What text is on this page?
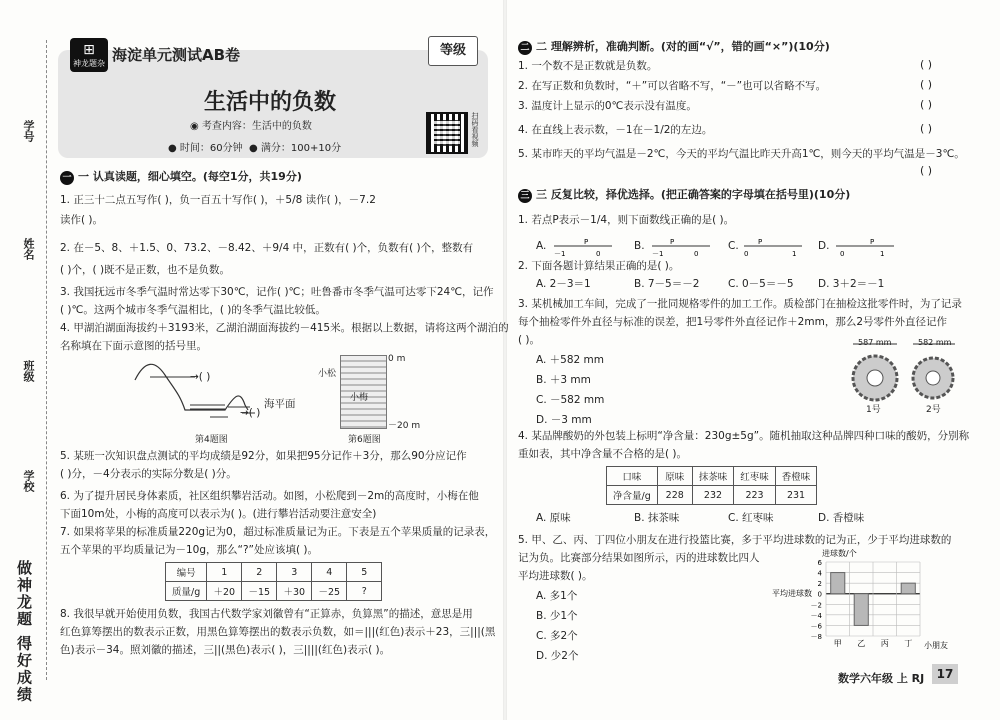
学号
姓名
班级
学校
做神龙题 得好成绩
⊞
神龙题杂 海淀单元测试AB卷	等级
生活中的负数
◉ 考查内容：生活中的负数
● 时间：60分钟 ● 满分：100+10分
扫码看视频
一 一 认真读题，细心填空。(每空1分，共19分)
1. 正三十二点五写作( )，负一百五十写作( )，＋5/8 读作( )，－7.2
读作( )。
2. 在－5、8、＋1.5、0、73.2、－8.42、＋9/4 中，正数有( )个，负数有( )个，整数有
( )个，( )既不是正数，也不是负数。
3. 我国抚远市冬季气温时常达零下30℃，记作( )℃；吐鲁番市冬季气温可达零下24℃，记作
( )℃。这两个城市冬季气温相比，( )的冬季气温比较低。
4. 甲湖泊湖面海拔约＋3193米，乙湖泊湖面海拔约－415米。根据以上数据，请将这两个湖泊的
名称填在下面示意图的括号里。
→( )
→( )
海平面
第4题图
0 m
－20 m
小松
小梅
第6题图
5. 某班一次知识盘点测试的平均成绩是92分，如果把95分记作＋3分，那么90分应记作
( )分，－4分表示的实际分数是( )分。
6. 为了提升居民身体素质，社区组织攀岩活动。如图，小松爬到－2m的高度时，小梅在他
下面10m处，小梅的高度可以表示为( )。(进行攀岩活动要注意安全)
7. 如果将苹果的标准质量220g记为0，超过标准质量记为正。下表是五个苹果质量的记录表，
五个苹果的平均质量记为－10g，那么“?”处应该填( )。
编号	1	2	3	4	5
质量/g	＋20	－15	＋30	－25	?
8. 我很早就开始使用负数，我国古代数学家刘徽曾有“正算赤，负算黑”的描述，意思是用
红色算筹摆出的数表示正数，用黑色算筹摆出的数表示负数，如＝|||(红色)表示＋23，三|||(黑
色)表示－34。照刘徽的描述，三||(黑色)表示( )，三||||(红色)表示( )。
二 二 理解辨析，准确判断。(对的画“√”，错的画“×”)(10分)
1. 一个数不是正数就是负数。	( )
2. 在写正数和负数时，“＋”可以省略不写，“－”也可以省略不写。	( )
3. 温度计上显示的0℃表示没有温度。	( )
4. 在直线上表示数，－1在－1/2的左边。	( )
5. 某市昨天的平均气温是－2℃，今天的平均气温比昨天升高1℃，则今天的平均气温是－3℃。
( )
三 三 反复比较，择优选择。(把正确答案的字母填在括号里)(10分)
1. 若点P表示－1/4，则下面数线正确的是( )。
A.
－1
P
0
B.
－1
P
0
C.
0
P
1
D.
0
P
1
2. 下面各题计算结果正确的是( )。
A. 2－3＝1	B. 7－5＝－2	C. 0－5＝－5 D. 3＋2＝－1
3. 某机械加工车间，完成了一批同规格零件的加工工作。质检部门在抽检这批零件时，为了记录
每个抽检零件外直径与标准的误差，把1号零件外直径记作＋2mm，那么2号零件外直径记作
( )。
A. ＋582 mm
B. ＋3 mm
C. －582 mm
D. －3 mm
587 mm	582 mm
1号	2号
4. 某品牌酸奶的外包装上标明“净含量：230g±5g”。随机抽取这种品牌四种口味的酸奶，分别称
重如表，其中净含量不合格的是( )。
口味	原味	抹茶味	红枣味	香橙味
净含量/g	228	232	223	231
A. 原味	B. 抹茶味	C. 红枣味	D. 香橙味
5. 甲、乙、丙、丁四位小朋友在进行投篮比赛，多于平均进球数的记为正，少于平均进球数的
记为负。比赛部分结果如图所示，丙的进球数比四人
平均进球数( )。
A. 多1个
B. 少1个
C. 多2个
D. 少2个
进球数/个
平均进球数
小朋友
6
4
2
0
－2
－4
－6
－8
甲 乙 丙 丁
数学六年级 上 RJ	17
